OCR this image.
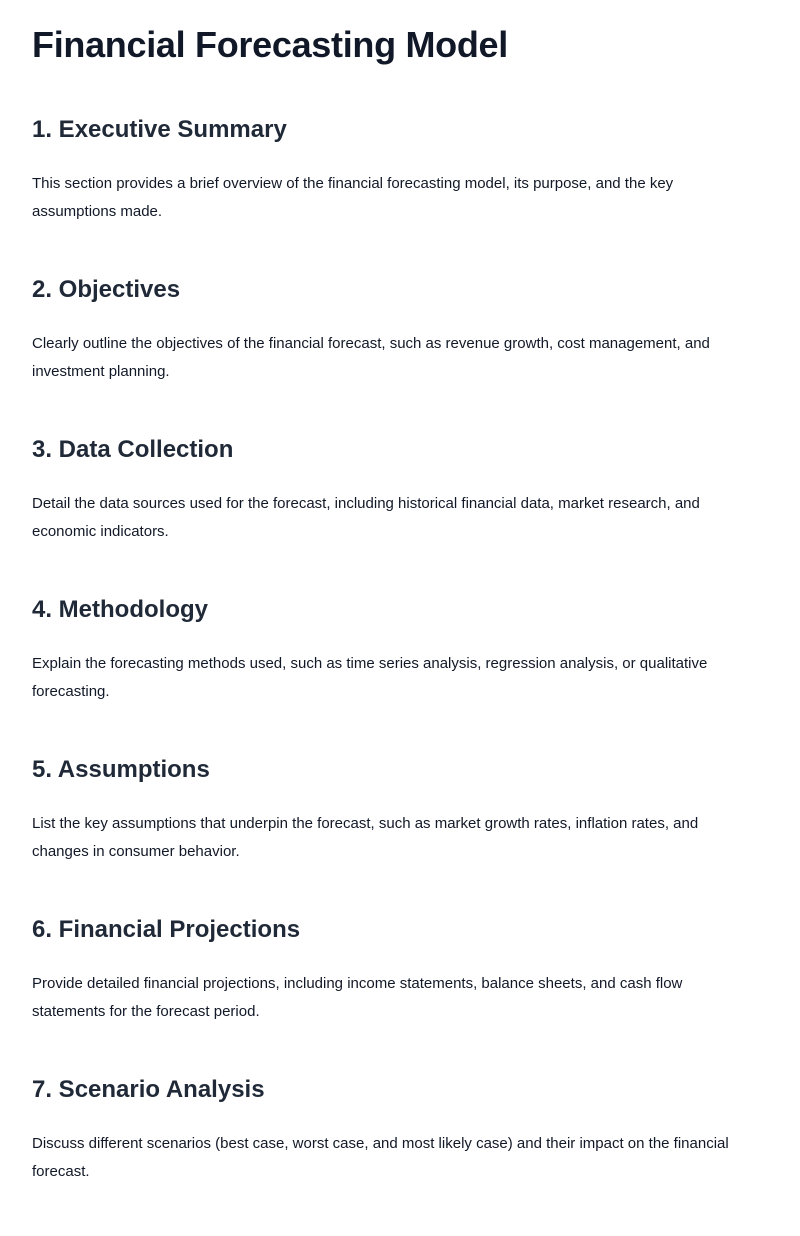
Financial Forecasting Model
1. Executive Summary

This section provides a brief overview of the financial forecasting model, its purpose, and the key assumptions made.

2. Objectives

Clearly outline the objectives of the financial forecast, such as revenue growth, cost management, and investment planning.

3. Data Collection

Detail the data sources used for the forecast, including historical financial data, market research, and economic indicators.

4. Methodology

Explain the forecasting methods used, such as time series analysis, regression analysis, or qualitative forecasting.

5. Assumptions

List the key assumptions that underpin the forecast, such as market growth rates, inflation rates, and changes in consumer behavior.

6. Financial Projections

Provide detailed financial projections, including income statements, balance sheets, and cash flow statements for the forecast period.

7. Scenario Analysis

Discuss different scenarios (best case, worst case, and most likely case) and their impact on the financial forecast.
